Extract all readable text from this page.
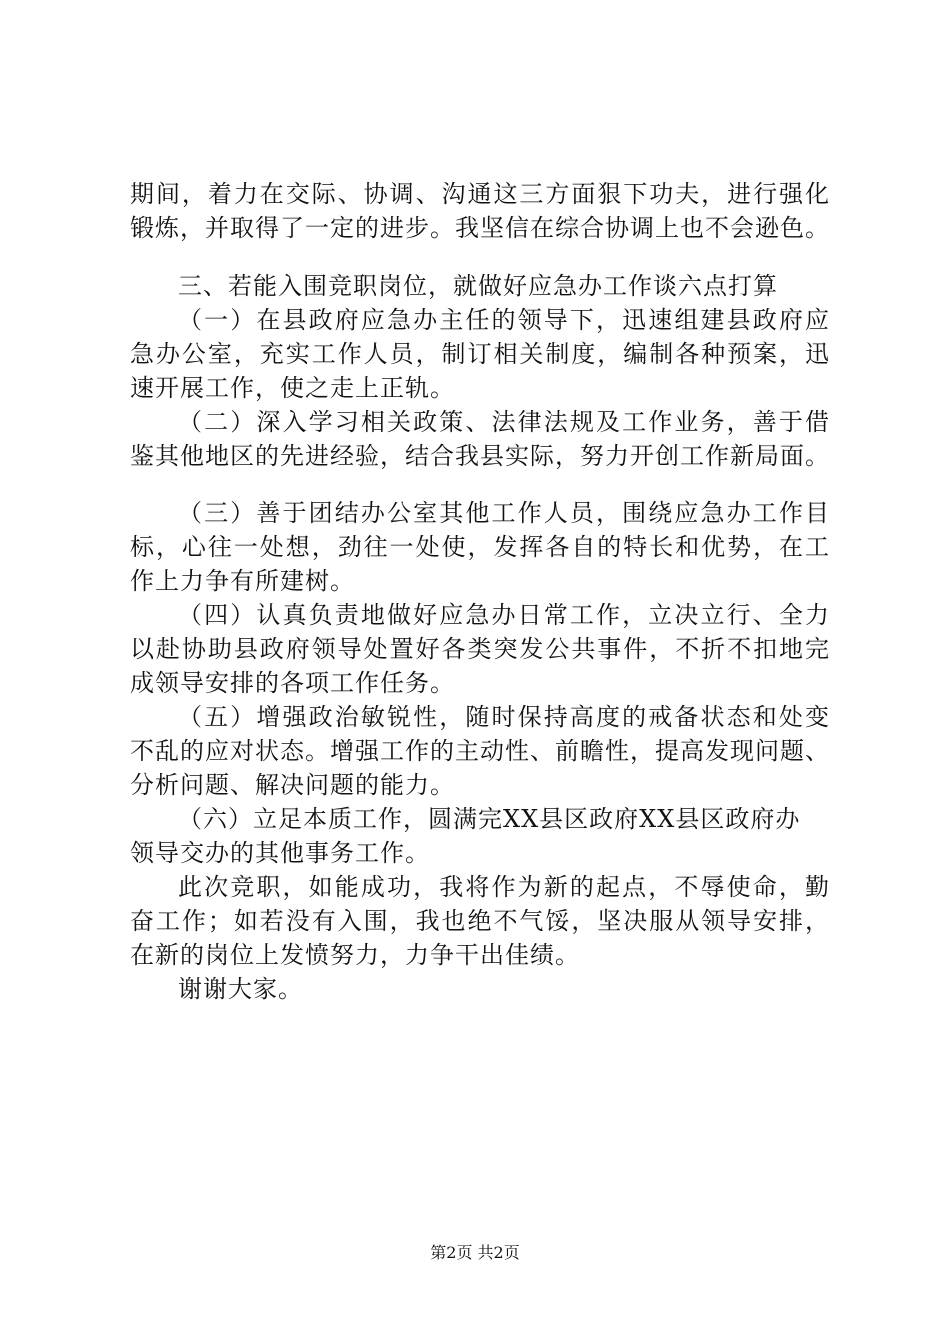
期间，着力在交际、协调、沟通这三方面狠下功夫，进行强化
锻炼，并取得了一定的进步。我坚信在综合协调上也不会逊色。
三、若能入围竞职岗位，就做好应急办工作谈六点打算
（一）在县政府应急办主任的领导下，迅速组建县政府应
急办公室，充实工作人员，制订相关制度，编制各种预案，迅
速开展工作，使之走上正轨。
（二）深入学习相关政策、法律法规及工作业务，善于借
鉴其他地区的先进经验，结合我县实际，努力开创工作新局面。
（三）善于团结办公室其他工作人员，围绕应急办工作目
标，心往一处想，劲往一处使，发挥各自的特长和优势，在工
作上力争有所建树。
（四）认真负责地做好应急办日常工作，立决立行、全力
以赴协助县政府领导处置好各类突发公共事件，不折不扣地完
成领导安排的各项工作任务。
（五）增强政治敏锐性，随时保持高度的戒备状态和处变
不乱的应对状态。增强工作的主动性、前瞻性，提高发现问题、
分析问题、解决问题的能力。
（六）立足本质工作，圆满完XX县区政府XX县区政府办
领导交办的其他事务工作。
此次竞职，如能成功，我将作为新的起点，不辱使命，勤
奋工作；如若没有入围，我也绝不气馁，坚决服从领导安排，
在新的岗位上发愤努力，力争干出佳绩。
谢谢大家。
第2页 共2页
